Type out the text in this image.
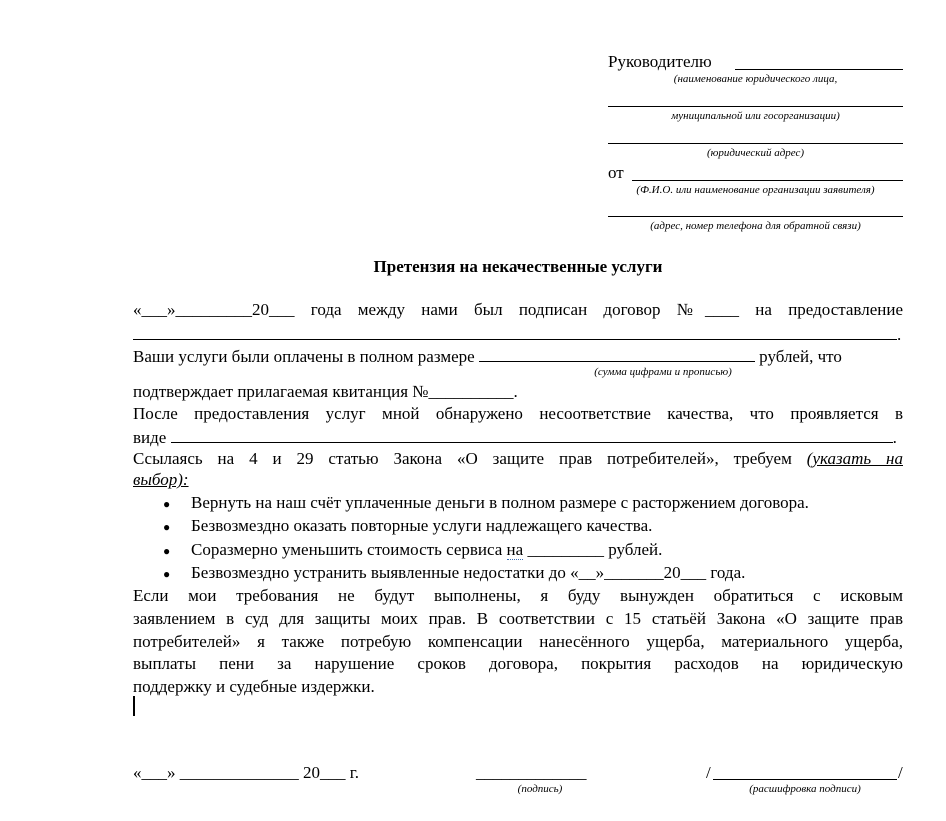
Руководителю
(наименование юридического лица,
муниципальной или госорганизации)
(юридический адрес)
от
(Ф.И.О. или наименование организации заявителя)
(адрес, номер телефона для обратной связи)
Претензия на некачественные услуги
«___»_________20___ года между нами был подписан договор №____ на предоставление
.
Ваши услуги были оплачены в полном размере	рублей, что
(сумма цифрами и прописью)
подтверждает прилагаемая квитанция №__________.
После предоставления услуг мной обнаружено несоответствие качества, что проявляется в
виде	.
Ссылаясь на 4 и 29 статью Закона «О защите прав потребителей», требуем (указать на
выбор):
● Вернуть на наш счёт уплаченные деньги в полном размере с расторжением договора.
● Безвозмездно оказать повторные услуги надлежащего качества.
● Соразмерно уменьшить стоимость сервиса на _________ рублей.
● Безвозмездно устранить выявленные недостатки до «__»_______20___ года.
Если мои требования не будут выполнены, я буду вынужден обратиться с исковым
заявлением в суд для защиты моих прав. В соответствии с 15 статьёй Закона «О защите прав
потребителей» я также потребую компенсации нанесённого ущерба, материального ущерба,
выплаты пени за нарушение сроков договора, покрытия расходов на юридическую
поддержку и судебные издержки.
«___» ______________ 20___ г.	_____________
(подпись)
/	/
(расшифровка подписи)
